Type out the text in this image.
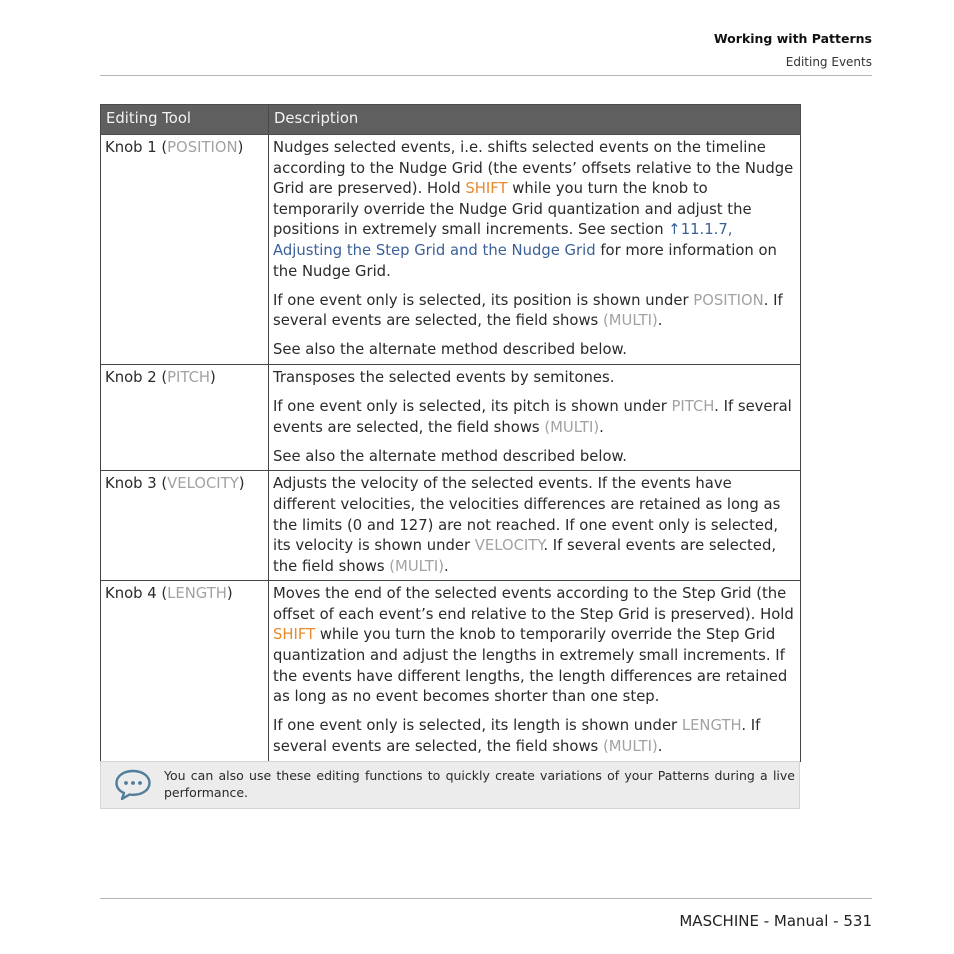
Working with Patterns
Editing Events
Editing Tool	Description
Knob 1 (POSITION)	Nudges selected events, i.e. shifts selected events on the timeline according to the Nudge Grid (the events’ offsets relative to the Nudge Grid are preserved). Hold SHIFT while you turn the knob to temporarily override the Nudge Grid quantization and adjust the positions in extremely small increments. See section ↑11.1.7, Adjusting the Step Grid and the Nudge Grid for more information on the Nudge Grid.

If one event only is selected, its position is shown under POSITION. If several events are selected, the field shows (MULTI).

See also the alternate method described below.

Knob 2 (PITCH)	Transposes the selected events by semitones.

If one event only is selected, its pitch is shown under PITCH. If several events are selected, the field shows (MULTI).

See also the alternate method described below.

Knob 3 (VELOCITY)	Adjusts the velocity of the selected events. If the events have different velocities, the velocities differences are retained as long as the limits (0 and 127) are not reached. If one event only is selected, its velocity is shown under VELOCITY. If several events are selected, the field shows (MULTI).

Knob 4 (LENGTH)	Moves the end of the selected events according to the Step Grid (the offset of each event’s end relative to the Step Grid is preserved). Hold SHIFT while you turn the knob to temporarily override the Step Grid quantization and adjust the lengths in extremely small increments. If the events have different lengths, the length differences are retained as long as no event becomes shorter than one step.

If one event only is selected, its length is shown under LENGTH. If several events are selected, the field shows (MULTI).

You can also use these editing functions to quickly create variations of your Patterns during a live performance.
MASCHINE - Manual - 531
